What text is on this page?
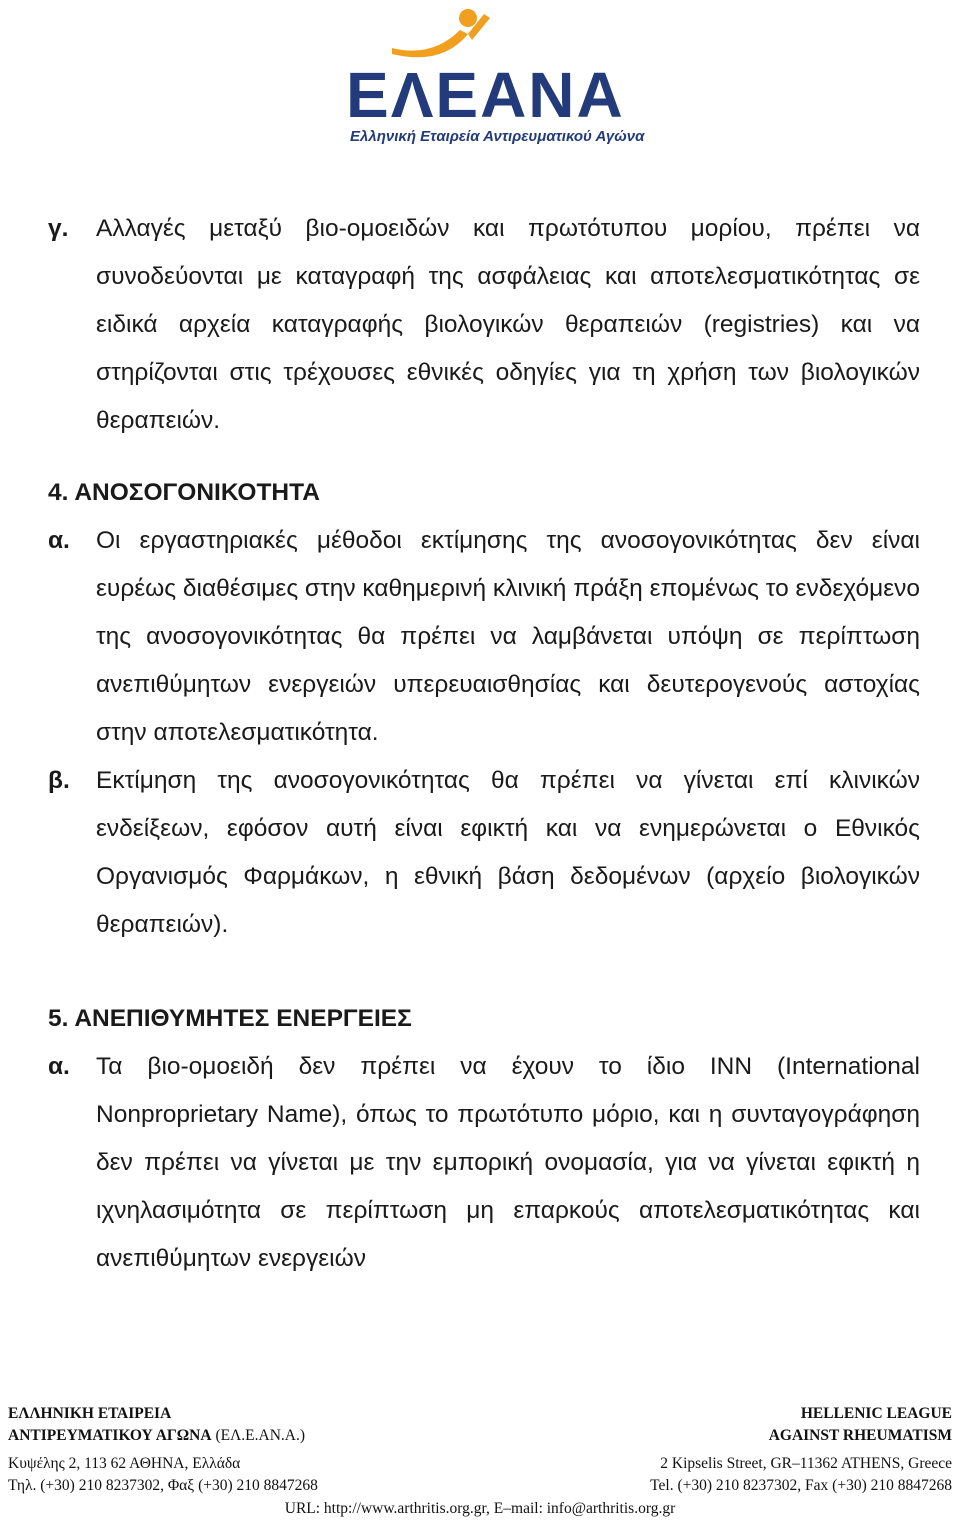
ΕΛΕΑΝΑ
Ελληνική Εταιρεία Αντιρευματικού Αγώνα
γ. Αλλαγές μεταξύ βιο-ομοειδών και πρωτότυπου μορίου, πρέπει να συνοδεύονται με καταγραφή της ασφάλειας και αποτελεσματικότητας σε ειδικά αρχεία καταγραφής βιολογικών θεραπειών (registries) και να στηρίζονται στις τρέχουσες εθνικές οδηγίες για τη χρήση των βιολογικών θεραπειών.
4. ΑΝΟΣΟΓΟΝΙΚΟΤΗΤΑ
α. Οι εργαστηριακές μέθοδοι εκτίμησης της ανοσογονικότητας δεν είναι ευρέως διαθέσιμες στην καθημερινή κλινική πράξη επομένως το ενδεχόμενο της ανοσογονικότητας θα πρέπει να λαμβάνεται υπόψη σε περίπτωση ανεπιθύμητων ενεργειών υπερευαισθησίας και δευτερογενούς αστοχίας στην αποτελεσματικότητα.
β. Εκτίμηση της ανοσογονικότητας θα πρέπει να γίνεται επί κλινικών ενδείξεων, εφόσον αυτή είναι εφικτή και να ενημερώνεται ο Εθνικός Οργανισμός Φαρμάκων, η εθνική βάση δεδομένων (αρχείο βιολογικών θεραπειών).
5. ΑΝΕΠΙΘΥΜΗΤΕΣ ΕΝΕΡΓΕΙΕΣ
α. Τα βιο-ομοειδή δεν πρέπει να έχουν το ίδιο INN (International Nonproprietary Name), όπως το πρωτότυπο μόριο, και η συνταγογράφηση δεν πρέπει να γίνεται με την εμπορική ονομασία, για να γίνεται εφικτή η ιχνηλασιμότητα σε περίπτωση μη επαρκούς αποτελεσματικότητας και ανεπιθύμητων ενεργειών
ΕΛΛΗΝΙΚΗ ΕΤΑΙΡΕΙΑ	HELLENIC LEAGUE
ΑΝΤΙΡΕΥΜΑΤΙΚΟΥ ΑΓΩΝΑ (ΕΛ.Ε.ΑΝ.Α.)	AGAINST RHEUMATISM
Κυψέλης 2, 113 62 ΑΘΗΝΑ, Ελλάδα	2 Kipselis Street, GR–11362 ATHENS, Greece
Τηλ. (+30) 210 8237302, Φαξ (+30) 210 8847268	Tel. (+30) 210 8237302, Fax (+30) 210 8847268
URL: http://www.arthritis.org.gr, E–mail: info@arthritis.org.gr
